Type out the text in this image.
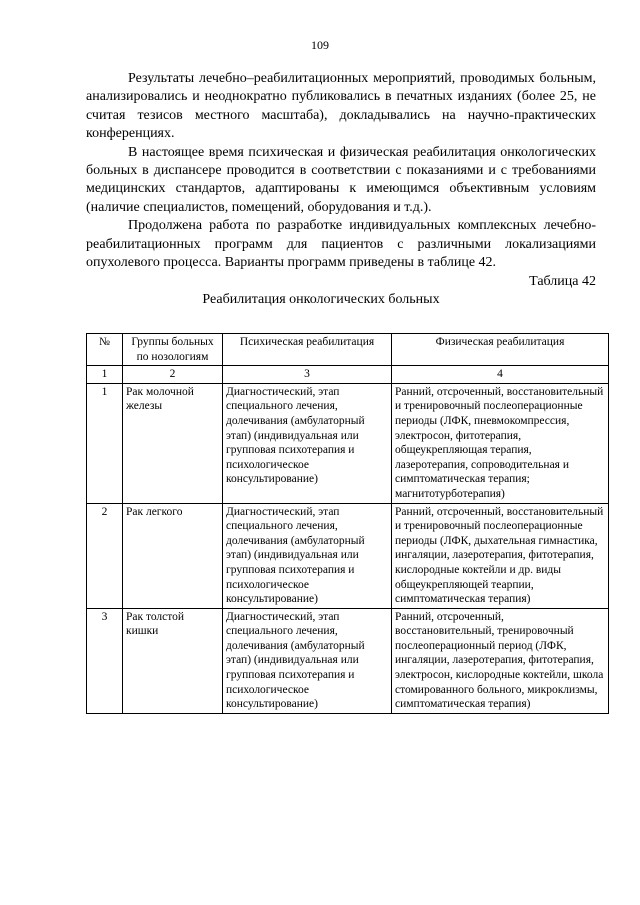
109

Результаты лечебно–реабилитационных мероприятий, проводимых больным, анализировались и неоднократно публиковались в печатных изданиях (более 25, не считая тезисов местного масштаба), докладывались на научно-практических конференциях.

В настоящее время психическая и физическая реабилитация онкологических больных в диспансере проводится в соответствии с показаниями и с требованиями медицинских стандартов, адаптированы к имеющимся объективным условиям (наличие специалистов, помещений, оборудования и т.д.).

Продолжена работа по разработке индивидуальных комплексных лечебно-реабилитационных программ для пациентов с различными локализациями опухолевого процесса. Варианты программ приведены в таблице 42.

Таблица 42
Реабилитация онкологических больных
№	Группы больных по нозологиям	Психическая реабилитация	Физическая реабилитация
1	2	3	4
1	Рак молочной железы	Диагностический, этап специального лечения, долечивания (амбулаторный этап) (индивидуальная или групповая психотерапия и психологическое консультирование)	Ранний, отсроченный, восстановительный и тренировочный послеоперационные периоды (ЛФК, пневмокомпрессия, электросон, фитотерапия, общеукрепляющая терапия, лазеротерапия, сопроводительная и симптоматическая терапия; магнитотурботерапия)
2	Рак легкого	Диагностический, этап специального лечения, долечивания (амбулаторный этап) (индивидуальная или групповая психотерапия и психологическое консультирование)	Ранний, отсроченный, восстановительный и тренировочный послеоперационные периоды (ЛФК, дыхательная гимнастика, ингаляции, лазеротерапия, фитотерапия, кислородные коктейли и др. виды общеукрепляющей теарпии, симптоматическая терапия)
3	Рак толстой кишки	Диагностический, этап специального лечения, долечивания (амбулаторный этап) (индивидуальная или групповая психотерапия и психологическое консультирование)	Ранний, отсроченный, восстановительный, тренировочный послеоперационный период (ЛФК, ингаляции, лазеротерапия, фитотерапия, электросон, кислородные коктейли, школа стомированного больного, микроклизмы, симптоматическая терапия)
